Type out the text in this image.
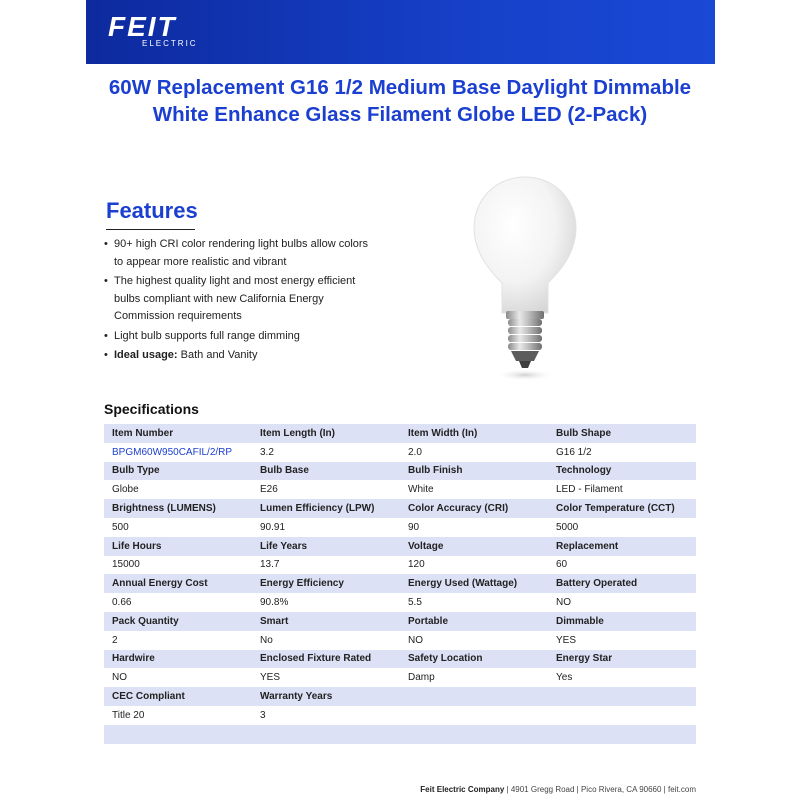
FEIT
ELECTRIC
60W Replacement G16 1/2 Medium Base Daylight Dimmable White Enhance Glass Filament Globe LED (2-Pack)
Features
• 90+ high CRI color rendering light bulbs allow colors to appear more realistic and vibrant
• The highest quality light and most energy efficient bulbs compliant with new California Energy Commission requirements
• Light bulb supports full range dimming
• Ideal usage: Bath and Vanity
Specifications
Item Number	Item Length (In)	Item Width (In)	Bulb Shape
BPGM60W950CAFIL/2/RP	3.2	2.0	G16 1/2
Bulb Type	Bulb Base	Bulb Finish	Technology
Globe	E26	White	LED - Filament
Brightness (LUMENS)	Lumen Efficiency (LPW)	Color Accuracy (CRI)	Color Temperature (CCT)
500	90.91	90	5000
Life Hours	Life Years	Voltage	Replacement
15000	13.7	120	60
Annual Energy Cost	Energy Efficiency	Energy Used (Wattage)	Battery Operated
0.66	90.8%	5.5	NO
Pack Quantity	Smart	Portable	Dimmable
2	No	NO	YES
Hardwire	Enclosed Fixture Rated	Safety Location	Energy Star
NO	YES	Damp	Yes
CEC Compliant	Warranty Years		
Title 20	3		

Feit Electric Company | 4901 Gregg Road | Pico Rivera, CA 90660 | feit.com
